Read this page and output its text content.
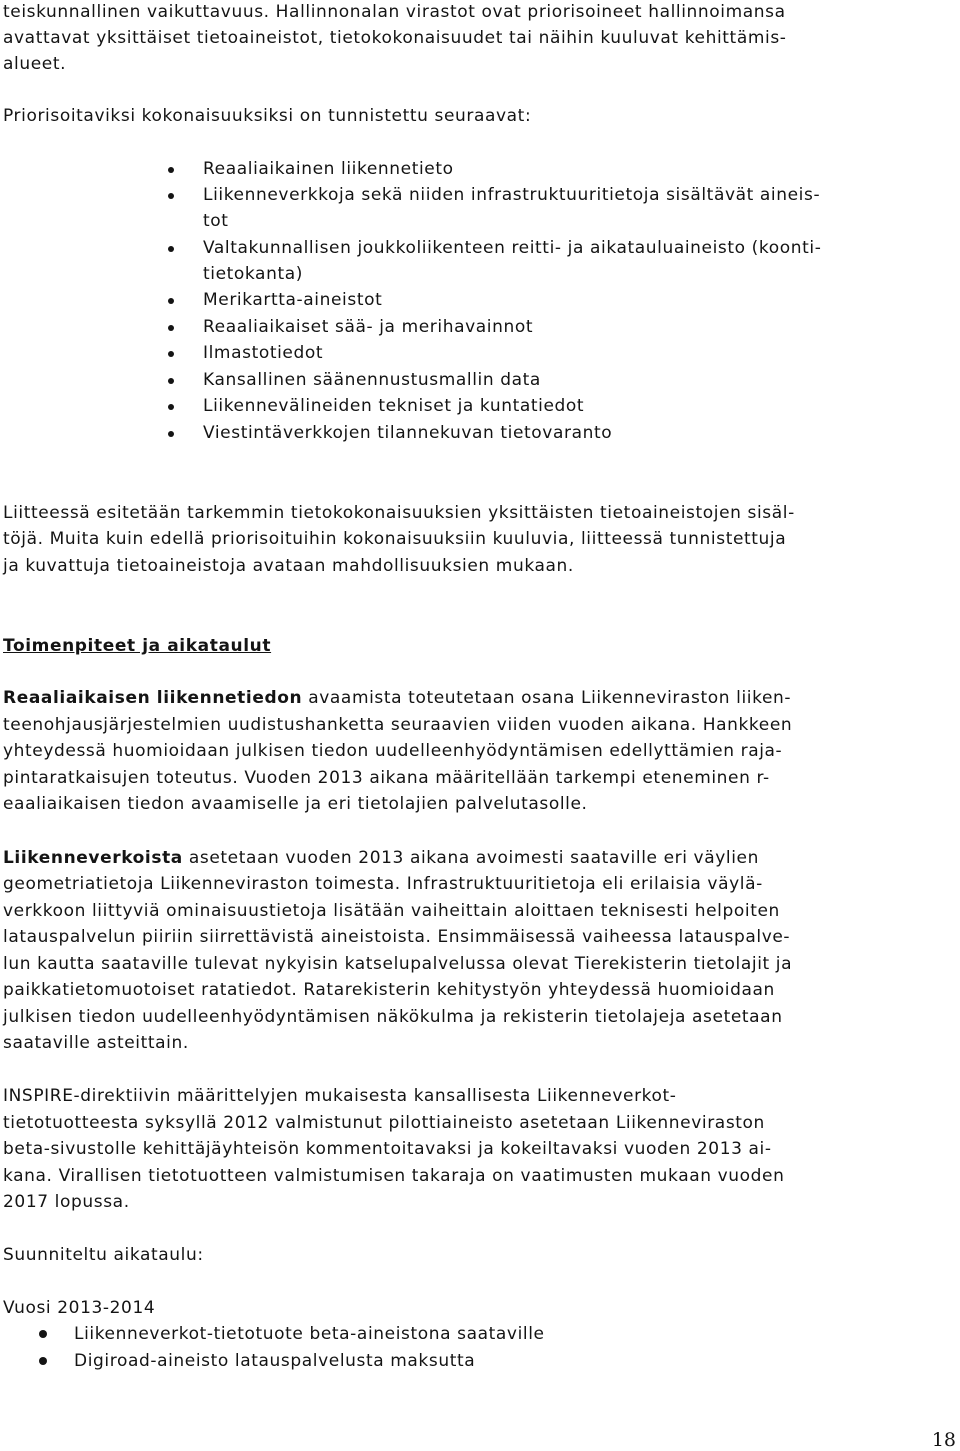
teiskunnallinen vaikuttavuus. Hallinnonalan virastot ovat priorisoineet hallinnoimansa
avattavat yksittäiset tietoaineistot, tietokokonaisuudet tai näihin kuuluvat kehittämis-
alueet.
Priorisoitaviksi kokonaisuuksiksi on tunnistettu seuraavat:
Reaaliaikainen liikennetieto
Liikenneverkkoja sekä niiden infrastruktuuritietoja sisältävät aineis-
tot
Valtakunnallisen joukkoliikenteen reitti- ja aikatauluaineisto (koonti-
tietokanta)
Merikartta-aineistot
Reaaliaikaiset sää- ja merihavainnot
Ilmastotiedot
Kansallinen säänennustusmallin data
Liikennevälineiden tekniset ja kuntatiedot
Viestintäverkkojen tilannekuvan tietovaranto
Liitteessä esitetään tarkemmin tietokokonaisuuksien yksittäisten tietoaineistojen sisäl-
töjä. Muita kuin edellä priorisoituihin kokonaisuuksiin kuuluvia, liitteessä tunnistettuja
ja kuvattuja tietoaineistoja avataan mahdollisuuksien mukaan.
Toimenpiteet ja aikataulut
Reaaliaikaisen liikennetiedon avaamista toteutetaan osana Liikenneviraston liiken-
teenohjausjärjestelmien uudistushanketta seuraavien viiden vuoden aikana. Hankkeen
yhteydessä huomioidaan julkisen tiedon uudelleenhyödyntämisen edellyttämien raja-
pintaratkaisujen toteutus. Vuoden 2013 aikana määritellään tarkempi eteneminen r-
eaaliaikaisen tiedon avaamiselle ja eri tietolajien palvelutasolle.
Liikenneverkoista asetetaan vuoden 2013 aikana avoimesti saataville eri väylien
geometriatietoja Liikenneviraston toimesta. Infrastruktuuritietoja eli erilaisia väylä-
verkkoon liittyviä ominaisuustietoja lisätään vaiheittain aloittaen teknisesti helpoiten
latauspalvelun piiriin siirrettävistä aineistoista. Ensimmäisessä vaiheessa latauspalve-
lun kautta saataville tulevat nykyisin katselupalvelussa olevat Tierekisterin tietolajit ja
paikkatietomuotoiset ratatiedot. Ratarekisterin kehitystyön yhteydessä huomioidaan
julkisen tiedon uudelleenhyödyntämisen näkökulma ja rekisterin tietolajeja asetetaan
saataville asteittain.
INSPIRE-direktiivin määrittelyjen mukaisesta kansallisesta Liikenneverkot-
tietotuotteesta syksyllä 2012 valmistunut pilottiaineisto asetetaan Liikenneviraston
beta-sivustolle kehittäjäyhteisön kommentoitavaksi ja kokeiltavaksi vuoden 2013 ai-
kana. Virallisen tietotuotteen valmistumisen takaraja on vaatimusten mukaan vuoden
2017 lopussa.
Suunniteltu aikataulu:
Vuosi 2013-2014
Liikenneverkot-tietotuote beta-aineistona saataville
Digiroad-aineisto latauspalvelusta maksutta
18
